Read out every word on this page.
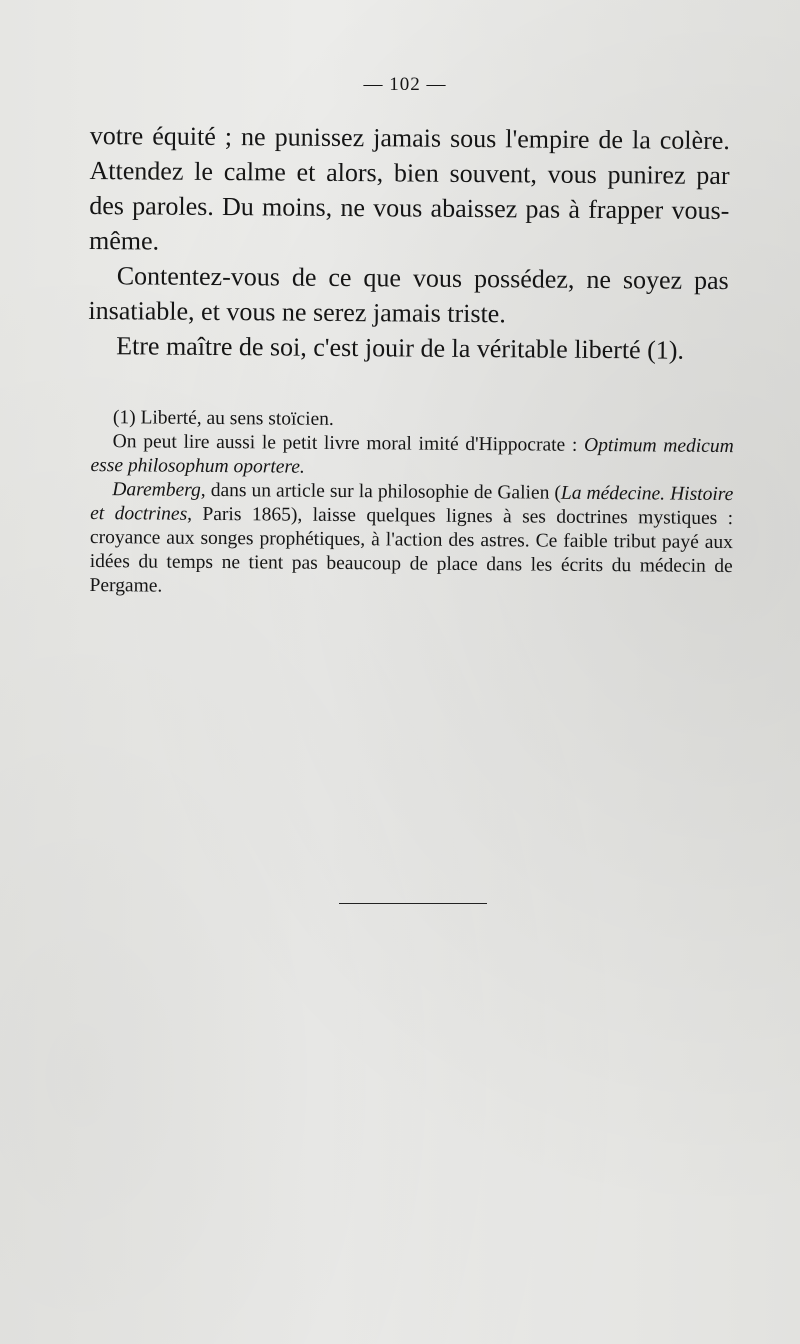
— 102 —

votre équité ; ne punissez jamais sous l'empire de la colère. Attendez le calme et alors, bien souvent, vous punirez par des paroles. Du moins, ne vous abaissez pas à frapper vous-même.

Contentez-vous de ce que vous possédez, ne soyez pas insatiable, et vous ne serez jamais triste.

Etre maître de soi, c'est jouir de la véritable liberté (1).

(1) Liberté, au sens stoïcien.

On peut lire aussi le petit livre moral imité d'Hippocrate : Optimum medicum esse philosophum oportere.

Daremberg, dans un article sur la philosophie de Galien (La médecine. Histoire et doctrines, Paris 1865), laisse quelques lignes à ses doctrines mystiques : croyance aux songes prophétiques, à l'action des astres. Ce faible tribut payé aux idées du temps ne tient pas beaucoup de place dans les écrits du médecin de Pergame.
